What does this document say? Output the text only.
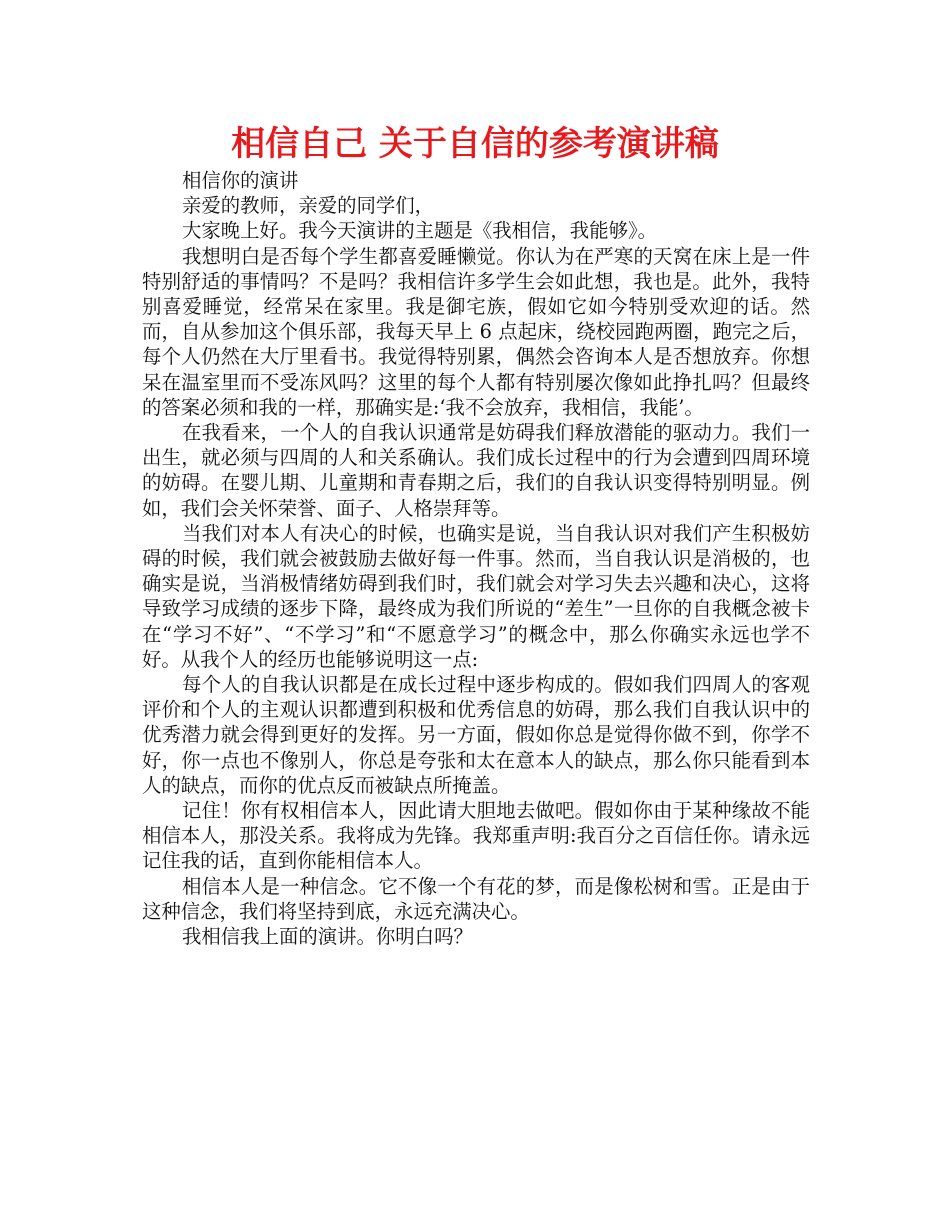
相信自己 关于自信的参考演讲稿

相信你的演讲

亲爱的教师，亲爱的同学们，

大家晚上好。我今天演讲的主题是《我相信，我能够》。

我想明白是否每个学生都喜爱睡懒觉。你认为在严寒的天窝在床上是一件特别舒适的事情吗？不是吗？我相信许多学生会如此想，我也是。此外，我特别喜爱睡觉，经常呆在家里。我是御宅族，假如它如今特别受欢迎的话。然而，自从参加这个俱乐部，我每天早上 6 点起床，绕校园跑两圈，跑完之后，每个人仍然在大厅里看书。我觉得特别累，偶然会咨询本人是否想放弃。你想呆在温室里而不受冻风吗？这里的每个人都有特别屡次像如此挣扎吗？但最终的答案必须和我的一样，那确实是:‘我不会放弃，我相信，我能’。

在我看来，一个人的自我认识通常是妨碍我们释放潜能的驱动力。我们一出生，就必须与四周的人和关系确认。我们成长过程中的行为会遭到四周环境的妨碍。在婴儿期、儿童期和青春期之后，我们的自我认识变得特别明显。例如，我们会关怀荣誉、面子、人格崇拜等。

当我们对本人有决心的时候，也确实是说，当自我认识对我们产生积极妨碍的时候，我们就会被鼓励去做好每一件事。然而，当自我认识是消极的，也确实是说，当消极情绪妨碍到我们时，我们就会对学习失去兴趣和决心，这将导致学习成绩的逐步下降，最终成为我们所说的“差生”一旦你的自我概念被卡在“学习不好”、“不学习”和“不愿意学习”的概念中，那么你确实永远也学不好。从我个人的经历也能够说明这一点:

每个人的自我认识都是在成长过程中逐步构成的。假如我们四周人的客观评价和个人的主观认识都遭到积极和优秀信息的妨碍，那么我们自我认识中的优秀潜力就会得到更好的发挥。另一方面，假如你总是觉得你做不到，你学不好，你一点也不像别人，你总是夸张和太在意本人的缺点，那么你只能看到本人的缺点，而你的优点反而被缺点所掩盖。

记住！你有权相信本人，因此请大胆地去做吧。假如你由于某种缘故不能相信本人，那没关系。我将成为先锋。我郑重声明:我百分之百信任你。请永远记住我的话，直到你能相信本人。

相信本人是一种信念。它不像一个有花的梦，而是像松树和雪。正是由于这种信念，我们将坚持到底，永远充满决心。

我相信我上面的演讲。你明白吗？
